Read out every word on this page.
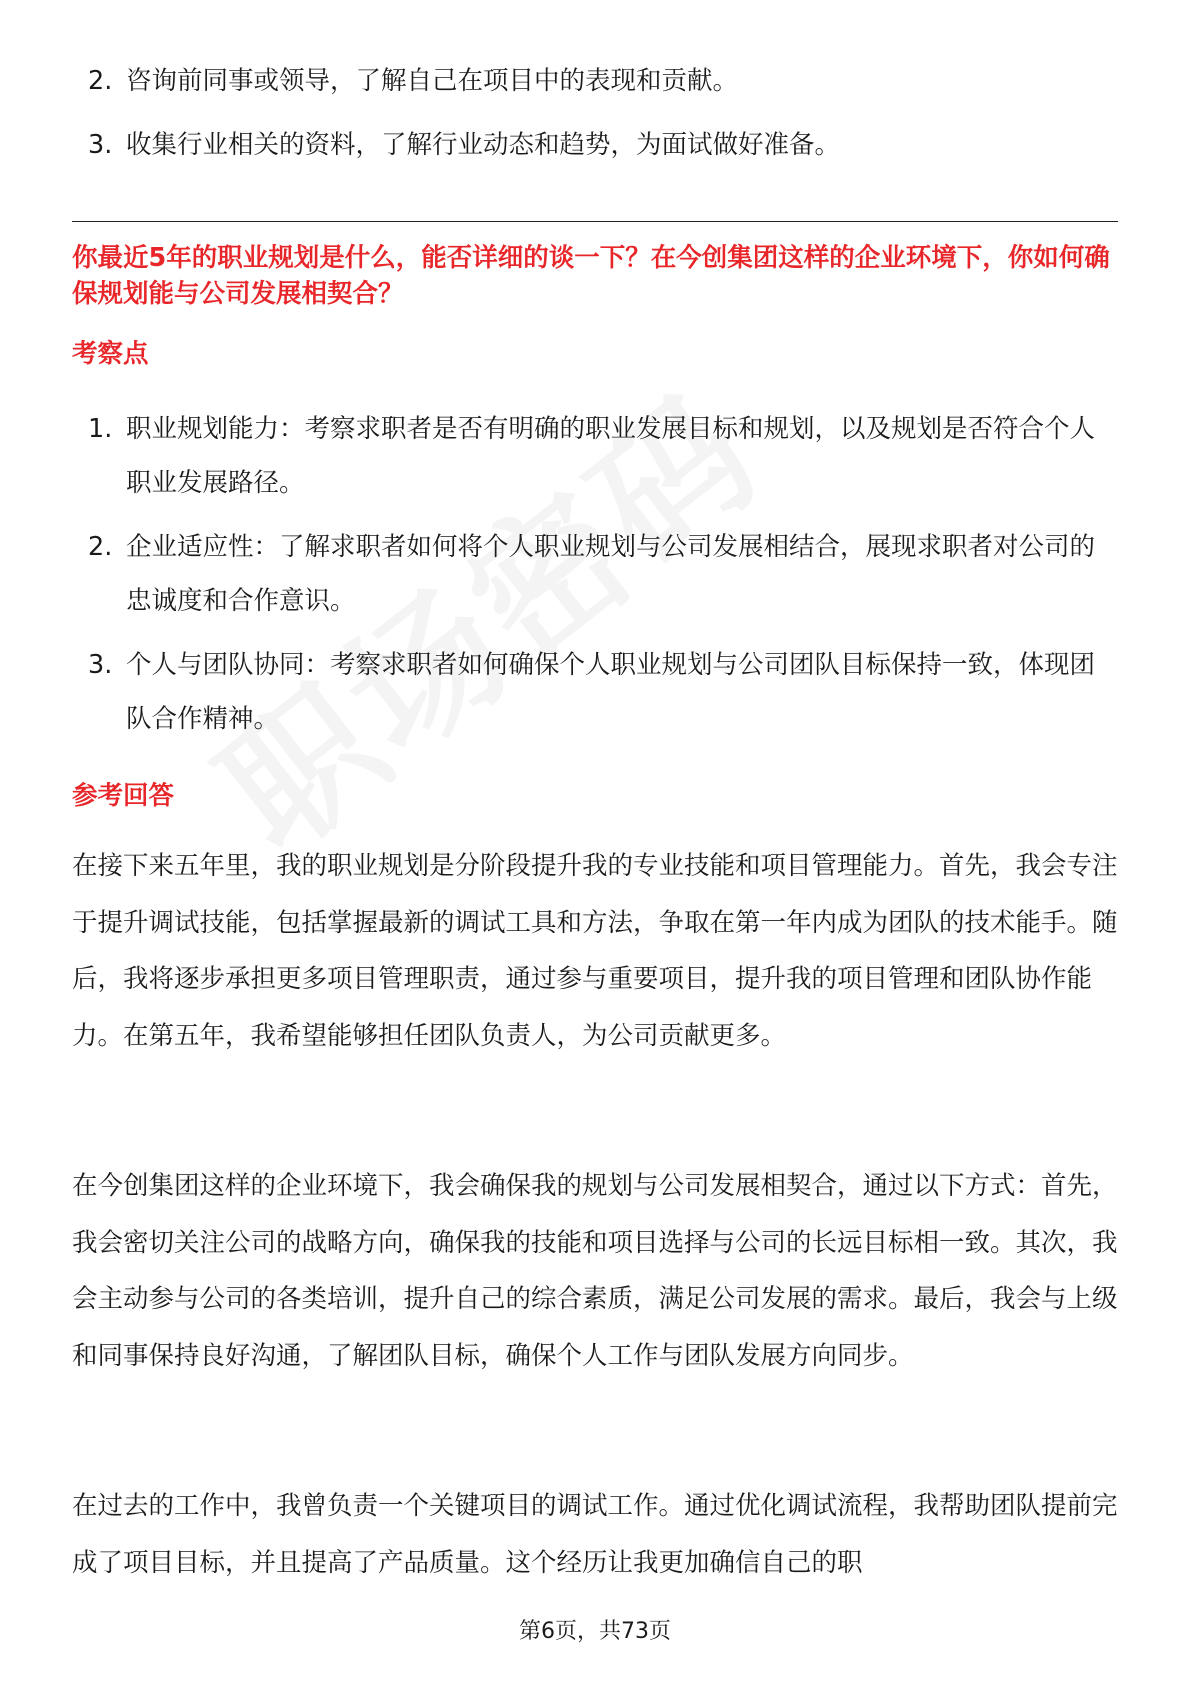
2. 咨询前同事或领导，了解自己在项目中的表现和贡献。
3. 收集行业相关的资料，了解行业动态和趋势，为面试做好准备。

你最近5年的职业规划是什么，能否详细的谈一下？在今创集团这样的企业环境下，你如何确保规划能与公司发展相契合？

考察点

1. 职业规划能力：考察求职者是否有明确的职业发展目标和规划，以及规划是否符合个人职业发展路径。
2. 企业适应性：了解求职者如何将个人职业规划与公司发展相结合，展现求职者对公司的忠诚度和合作意识。
3. 个人与团队协同：考察求职者如何确保个人职业规划与公司团队目标保持一致，体现团队合作精神。

参考回答

在接下来五年里，我的职业规划是分阶段提升我的专业技能和项目管理能力。首先，我会专注于提升调试技能，包括掌握最新的调试工具和方法，争取在第一年内成为团队的技术能手。随后，我将逐步承担更多项目管理职责，通过参与重要项目，提升我的项目管理和团队协作能力。在第五年，我希望能够担任团队负责人，为公司贡献更多。

在今创集团这样的企业环境下，我会确保我的规划与公司发展相契合，通过以下方式：首先，我会密切关注公司的战略方向，确保我的技能和项目选择与公司的长远目标相一致。其次，我会主动参与公司的各类培训，提升自己的综合素质，满足公司发展的需求。最后，我会与上级和同事保持良好沟通，了解团队目标，确保个人工作与团队发展方向同步。

在过去的工作中，我曾负责一个关键项目的调试工作。通过优化调试流程，我帮助团队提前完成了项目目标，并且提高了产品质量。这个经历让我更加确信自己的职

第6页，共73页
